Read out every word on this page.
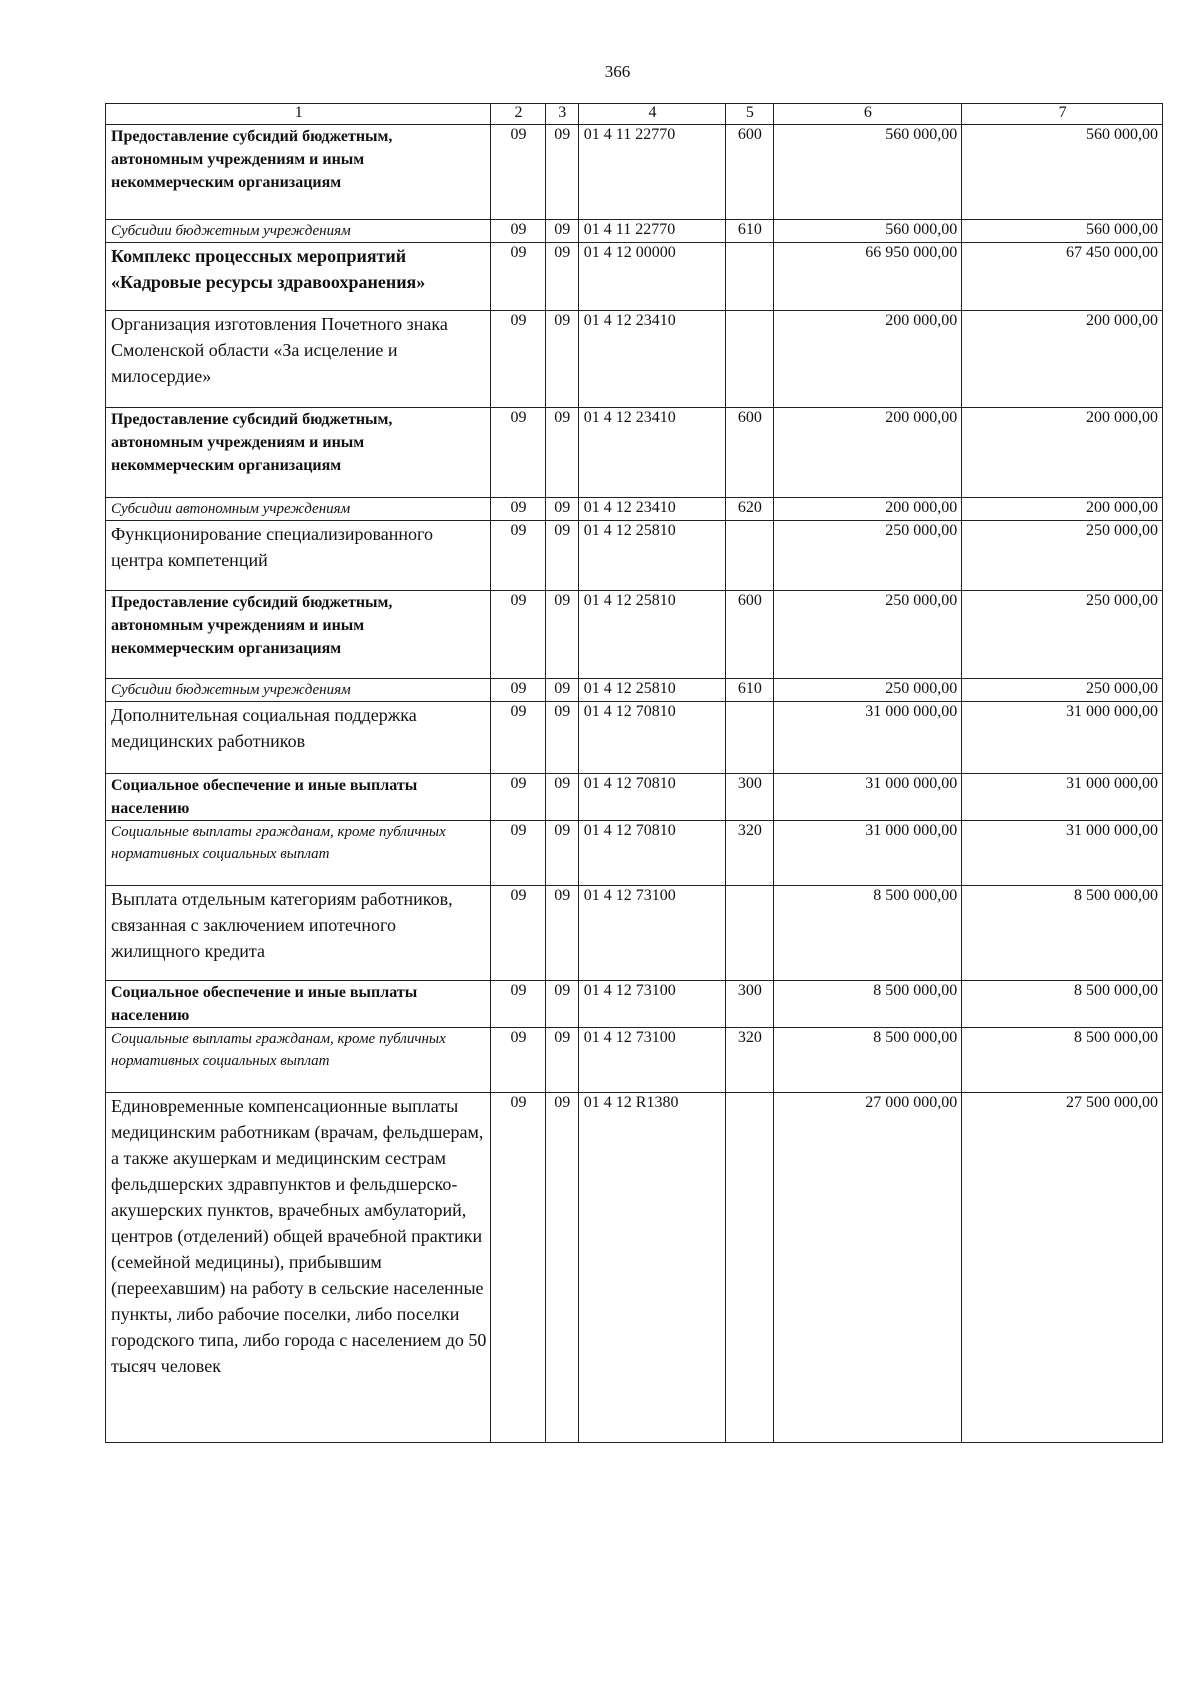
366
1	2	3	4	5	6	7
Предоставление субсидий бюджетным, автономным учреждениям и иным некоммерческим организациям	09	09	01 4 11 22770	600	560 000,00	560 000,00
Субсидии бюджетным учреждениям	09	09	01 4 11 22770	610	560 000,00	560 000,00
Комплекс процессных мероприятий «Кадровые ресурсы здравоохранения»	09	09	01 4 12 00000		66 950 000,00	67 450 000,00
Организация изготовления Почетного знака Смоленской области «За исцеление и милосердие»	09	09	01 4 12 23410		200 000,00	200 000,00
Предоставление субсидий бюджетным, автономным учреждениям и иным некоммерческим организациям	09	09	01 4 12 23410	600	200 000,00	200 000,00
Субсидии автономным учреждениям	09	09	01 4 12 23410	620	200 000,00	200 000,00
Функционирование специализированного центра компетенций	09	09	01 4 12 25810		250 000,00	250 000,00
Предоставление субсидий бюджетным, автономным учреждениям и иным некоммерческим организациям	09	09	01 4 12 25810	600	250 000,00	250 000,00
Субсидии бюджетным учреждениям	09	09	01 4 12 25810	610	250 000,00	250 000,00
Дополнительная социальная поддержка медицинских работников	09	09	01 4 12 70810		31 000 000,00	31 000 000,00
Социальное обеспечение и иные выплаты населению	09	09	01 4 12 70810	300	31 000 000,00	31 000 000,00
Социальные выплаты гражданам, кроме публичных нормативных социальных выплат	09	09	01 4 12 70810	320	31 000 000,00	31 000 000,00
Выплата отдельным категориям работников, связанная с заключением ипотечного жилищного кредита	09	09	01 4 12 73100		8 500 000,00	8 500 000,00
Социальное обеспечение и иные выплаты населению	09	09	01 4 12 73100	300	8 500 000,00	8 500 000,00
Социальные выплаты гражданам, кроме публичных нормативных социальных выплат	09	09	01 4 12 73100	320	8 500 000,00	8 500 000,00
Единовременные компенсационные выплаты медицинским работникам (врачам, фельдшерам, а также акушеркам и медицинским сестрам фельдшерских здравпунктов и фельдшерско-акушерских пунктов, врачебных амбулаторий, центров (отделений) общей врачебной практики (семейной медицины), прибывшим (переехавшим) на работу в сельские населенные пункты, либо рабочие поселки, либо поселки городского типа, либо города с населением до 50 тысяч человек	09	09	01 4 12 R1380		27 000 000,00	27 500 000,00
